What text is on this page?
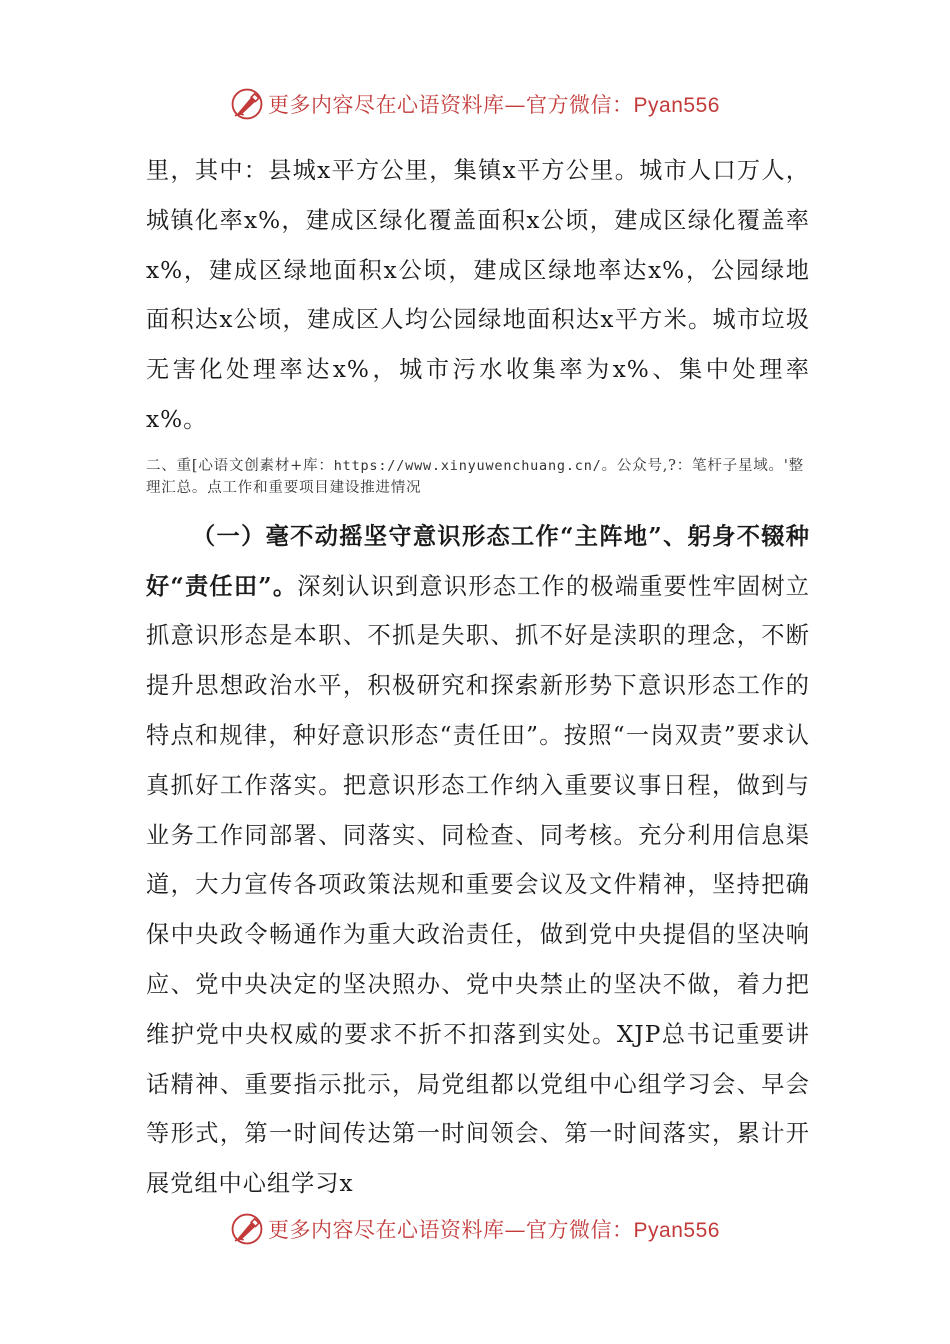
更多内容尽在心语资料库—官方微信：Pyan556

里，其中：县城x平方公里，集镇x平方公里。城市人口万人，城镇化率x%，建成区绿化覆盖面积x公顷，建成区绿化覆盖率x%，建成区绿地面积x公顷，建成区绿地率达x%，公园绿地面积达x公顷，建成区人均公园绿地面积达x平方米。城市垃圾无害化处理率达x%，城市污水收集率为x%、集中处理率x%。

二、重[心语文创素材+库：https://www.xinyuwenchuang.cn/。公众号,?：笔杆子星域。'整理汇总。点工作和重要项目建设推进情况

（一）毫不动摇坚守意识形态工作“主阵地”、躬身不辍种好“责任田”。深刻认识到意识形态工作的极端重要性牢固树立抓意识形态是本职、不抓是失职、抓不好是渎职的理念，不断提升思想政治水平，积极研究和探索新形势下意识形态工作的特点和规律，种好意识形态“责任田”。按照“一岗双责”要求认真抓好工作落实。把意识形态工作纳入重要议事日程，做到与业务工作同部署、同落实、同检查、同考核。充分利用信息渠道，大力宣传各项政策法规和重要会议及文件精神，坚持把确保中央政令畅通作为重大政治责任，做到党中央提倡的坚决响应、党中央决定的坚决照办、党中央禁止的坚决不做，着力把维护党中央权威的要求不折不扣落到实处。XJP总书记重要讲话精神、重要指示批示，局党组都以党组中心组学习会、早会等形式，第一时间传达第一时间领会、第一时间落实，累计开展党组中心组学习x

更多内容尽在心语资料库—官方微信：Pyan556
